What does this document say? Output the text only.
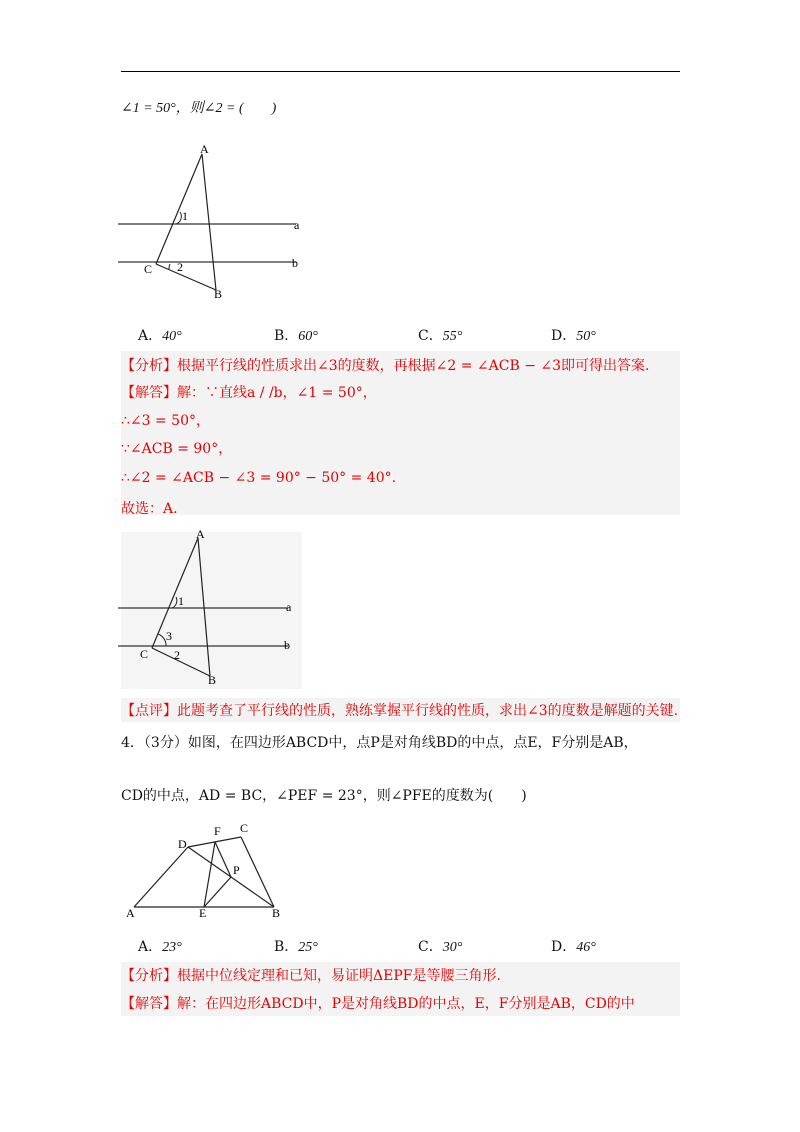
∠1 = 50°，则∠2 = (　　)
A
B
C
a
b
1
2
A．40°	B．60°	C．55°	D．50°
【分析】根据平行线的性质求出∠3的度数，再根据∠2 = ∠ACB − ∠3即可得出答案.
【解答】解：∵直线a / /b，∠1 = 50°，
∴∠3 = 50°，
∵∠ACB = 90°，
∴∠2 = ∠ACB − ∠3 = 90° − 50° = 40°.
故选：A.
A
B
C
a
b
1
3
2
【点评】此题考查了平行线的性质，熟练掌握平行线的性质，求出∠3的度数是解题的关键.
4．（3分）如图，在四边形ABCD中，点P是对角线BD的中点，点E，F分别是AB，
CD的中点，AD = BC，∠PEF = 23°，则∠PFE的度数为(　　)
A	B
C
D
E
F
P
A．23°	B．25°	C．30°	D．46°
【分析】根据中位线定理和已知，易证明ΔEPF是等腰三角形.
【解答】解：在四边形ABCD中，P是对角线BD的中点，E，F分别是AB，CD的中
